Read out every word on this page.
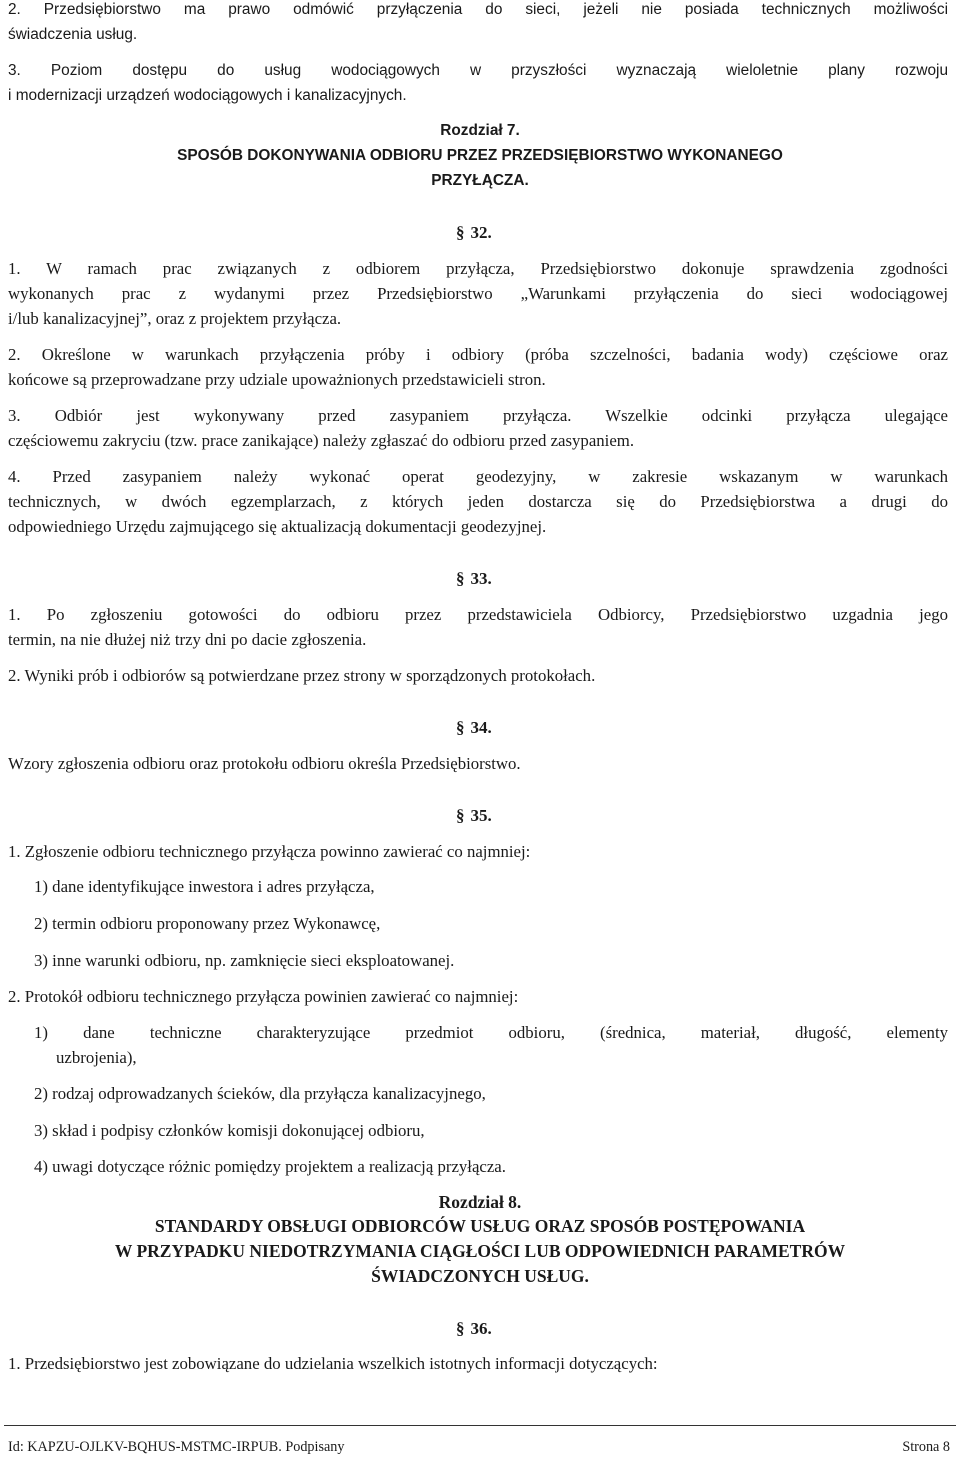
2. Przedsiębiorstwo ma prawo odmówić przyłączenia do sieci, jeżeli nie posiada technicznych możliwości

świadczenia usług.

3. Poziom dostępu do usług wodociągowych w przyszłości wyznaczają wieloletnie plany rozwoju

i modernizacji urządzeń wodociągowych i kanalizacyjnych.

Rozdział 7.

SPOSÓB DOKONYWANIA ODBIORU PRZEZ PRZEDSIĘBIORSTWO WYKONANEGO

PRZYŁĄCZA.

§ 32.

1. W ramach prac związanych z odbiorem przyłącza, Przedsiębiorstwo dokonuje sprawdzenia zgodności

wykonanych prac z wydanymi przez Przedsiębiorstwo „Warunkami przyłączenia do sieci wodociągowej

i/lub kanalizacyjnej”, oraz z projektem przyłącza.

2. Określone w warunkach przyłączenia próby i odbiory (próba szczelności, badania wody) częściowe oraz

końcowe są przeprowadzane przy udziale upoważnionych przedstawicieli stron.

3. Odbiór jest wykonywany przed zasypaniem przyłącza. Wszelkie odcinki przyłącza ulegające

częściowemu zakryciu (tzw. prace zanikające) należy zgłaszać do odbioru przed zasypaniem.

4. Przed zasypaniem należy wykonać operat geodezyjny, w zakresie wskazanym w warunkach

technicznych, w dwóch egzemplarzach, z których jeden dostarcza się do Przedsiębiorstwa a drugi do

odpowiedniego Urzędu zajmującego się aktualizacją dokumentacji geodezyjnej.

§ 33.

1. Po zgłoszeniu gotowości do odbioru przez przedstawiciela Odbiorcy, Przedsiębiorstwo uzgadnia jego

termin, na nie dłużej niż trzy dni po dacie zgłoszenia.

2. Wyniki prób i odbiorów są potwierdzane przez strony w sporządzonych protokołach.

§ 34.

Wzory zgłoszenia odbioru oraz protokołu odbioru określa Przedsiębiorstwo.

§ 35.

1. Zgłoszenie odbioru technicznego przyłącza powinno zawierać co najmniej:

1) dane identyfikujące inwestora i adres przyłącza,

2) termin odbioru proponowany przez Wykonawcę,

3) inne warunki odbioru, np. zamknięcie sieci eksploatowanej.

2. Protokół odbioru technicznego przyłącza powinien zawierać co najmniej:

1) dane techniczne charakteryzujące przedmiot odbioru, (średnica, materiał, długość, elementy

uzbrojenia),

2) rodzaj odprowadzanych ścieków, dla przyłącza kanalizacyjnego,

3) skład i podpisy członków komisji dokonującej odbioru,

4) uwagi dotyczące różnic pomiędzy projektem a realizacją przyłącza.

Rozdział 8.

STANDARDY OBSŁUGI ODBIORCÓW USŁUG ORAZ SPOSÓB POSTĘPOWANIA

W PRZYPADKU NIEDOTRZYMANIA CIĄGŁOŚCI LUB ODPOWIEDNICH PARAMETRÓW

ŚWIADCZONYCH USŁUG.

§ 36.

1. Przedsiębiorstwo jest zobowiązane do udzielania wszelkich istotnych informacji dotyczących:

Id: KAPZU-OJLKV-BQHUS-MSTMC-IRPUB. Podpisany	Strona 8
